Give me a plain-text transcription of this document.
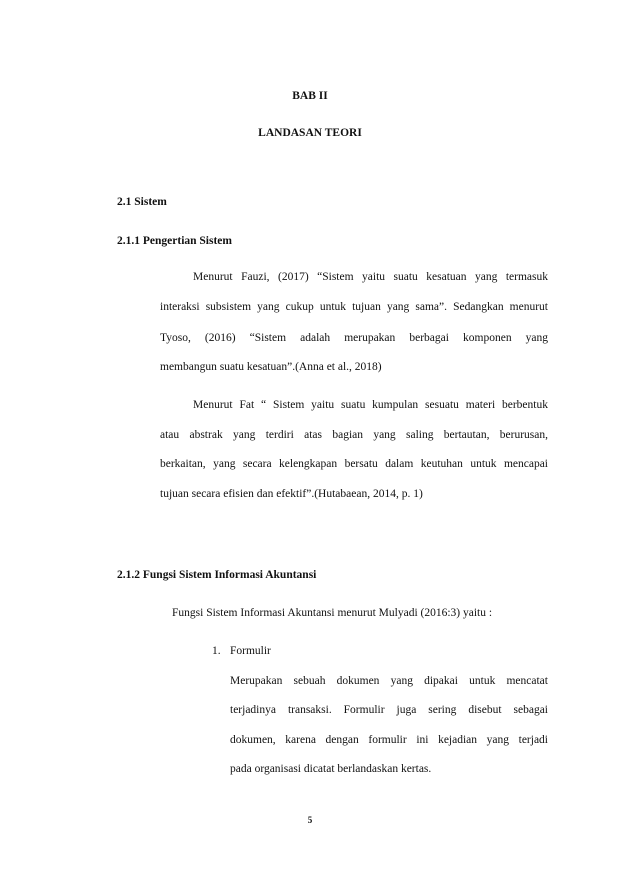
BAB II
LANDASAN TEORI
2.1 Sistem
2.1.1 Pengertian Sistem
Menurut Fauzi, (2017) “Sistem yaitu suatu kesatuan yang termasuk
interaksi subsistem yang cukup untuk tujuan yang sama”. Sedangkan menurut
Tyoso, (2016) “Sistem adalah merupakan berbagai komponen yang
membangun suatu kesatuan”.(Anna et al., 2018)
Menurut Fat “ Sistem yaitu suatu kumpulan sesuatu materi berbentuk
atau abstrak yang terdiri atas bagian yang saling bertautan, berurusan,
berkaitan, yang secara kelengkapan bersatu dalam keutuhan untuk mencapai
tujuan secara efisien dan efektif”.(Hutabaean, 2014, p. 1)
2.1.2 Fungsi Sistem Informasi Akuntansi
Fungsi Sistem Informasi Akuntansi menurut Mulyadi (2016:3) yaitu :
1. Formulir
Merupakan sebuah dokumen yang dipakai untuk mencatat
terjadinya transaksi. Formulir juga sering disebut sebagai
dokumen, karena dengan formulir ini kejadian yang terjadi
pada organisasi dicatat berlandaskan kertas.
5
